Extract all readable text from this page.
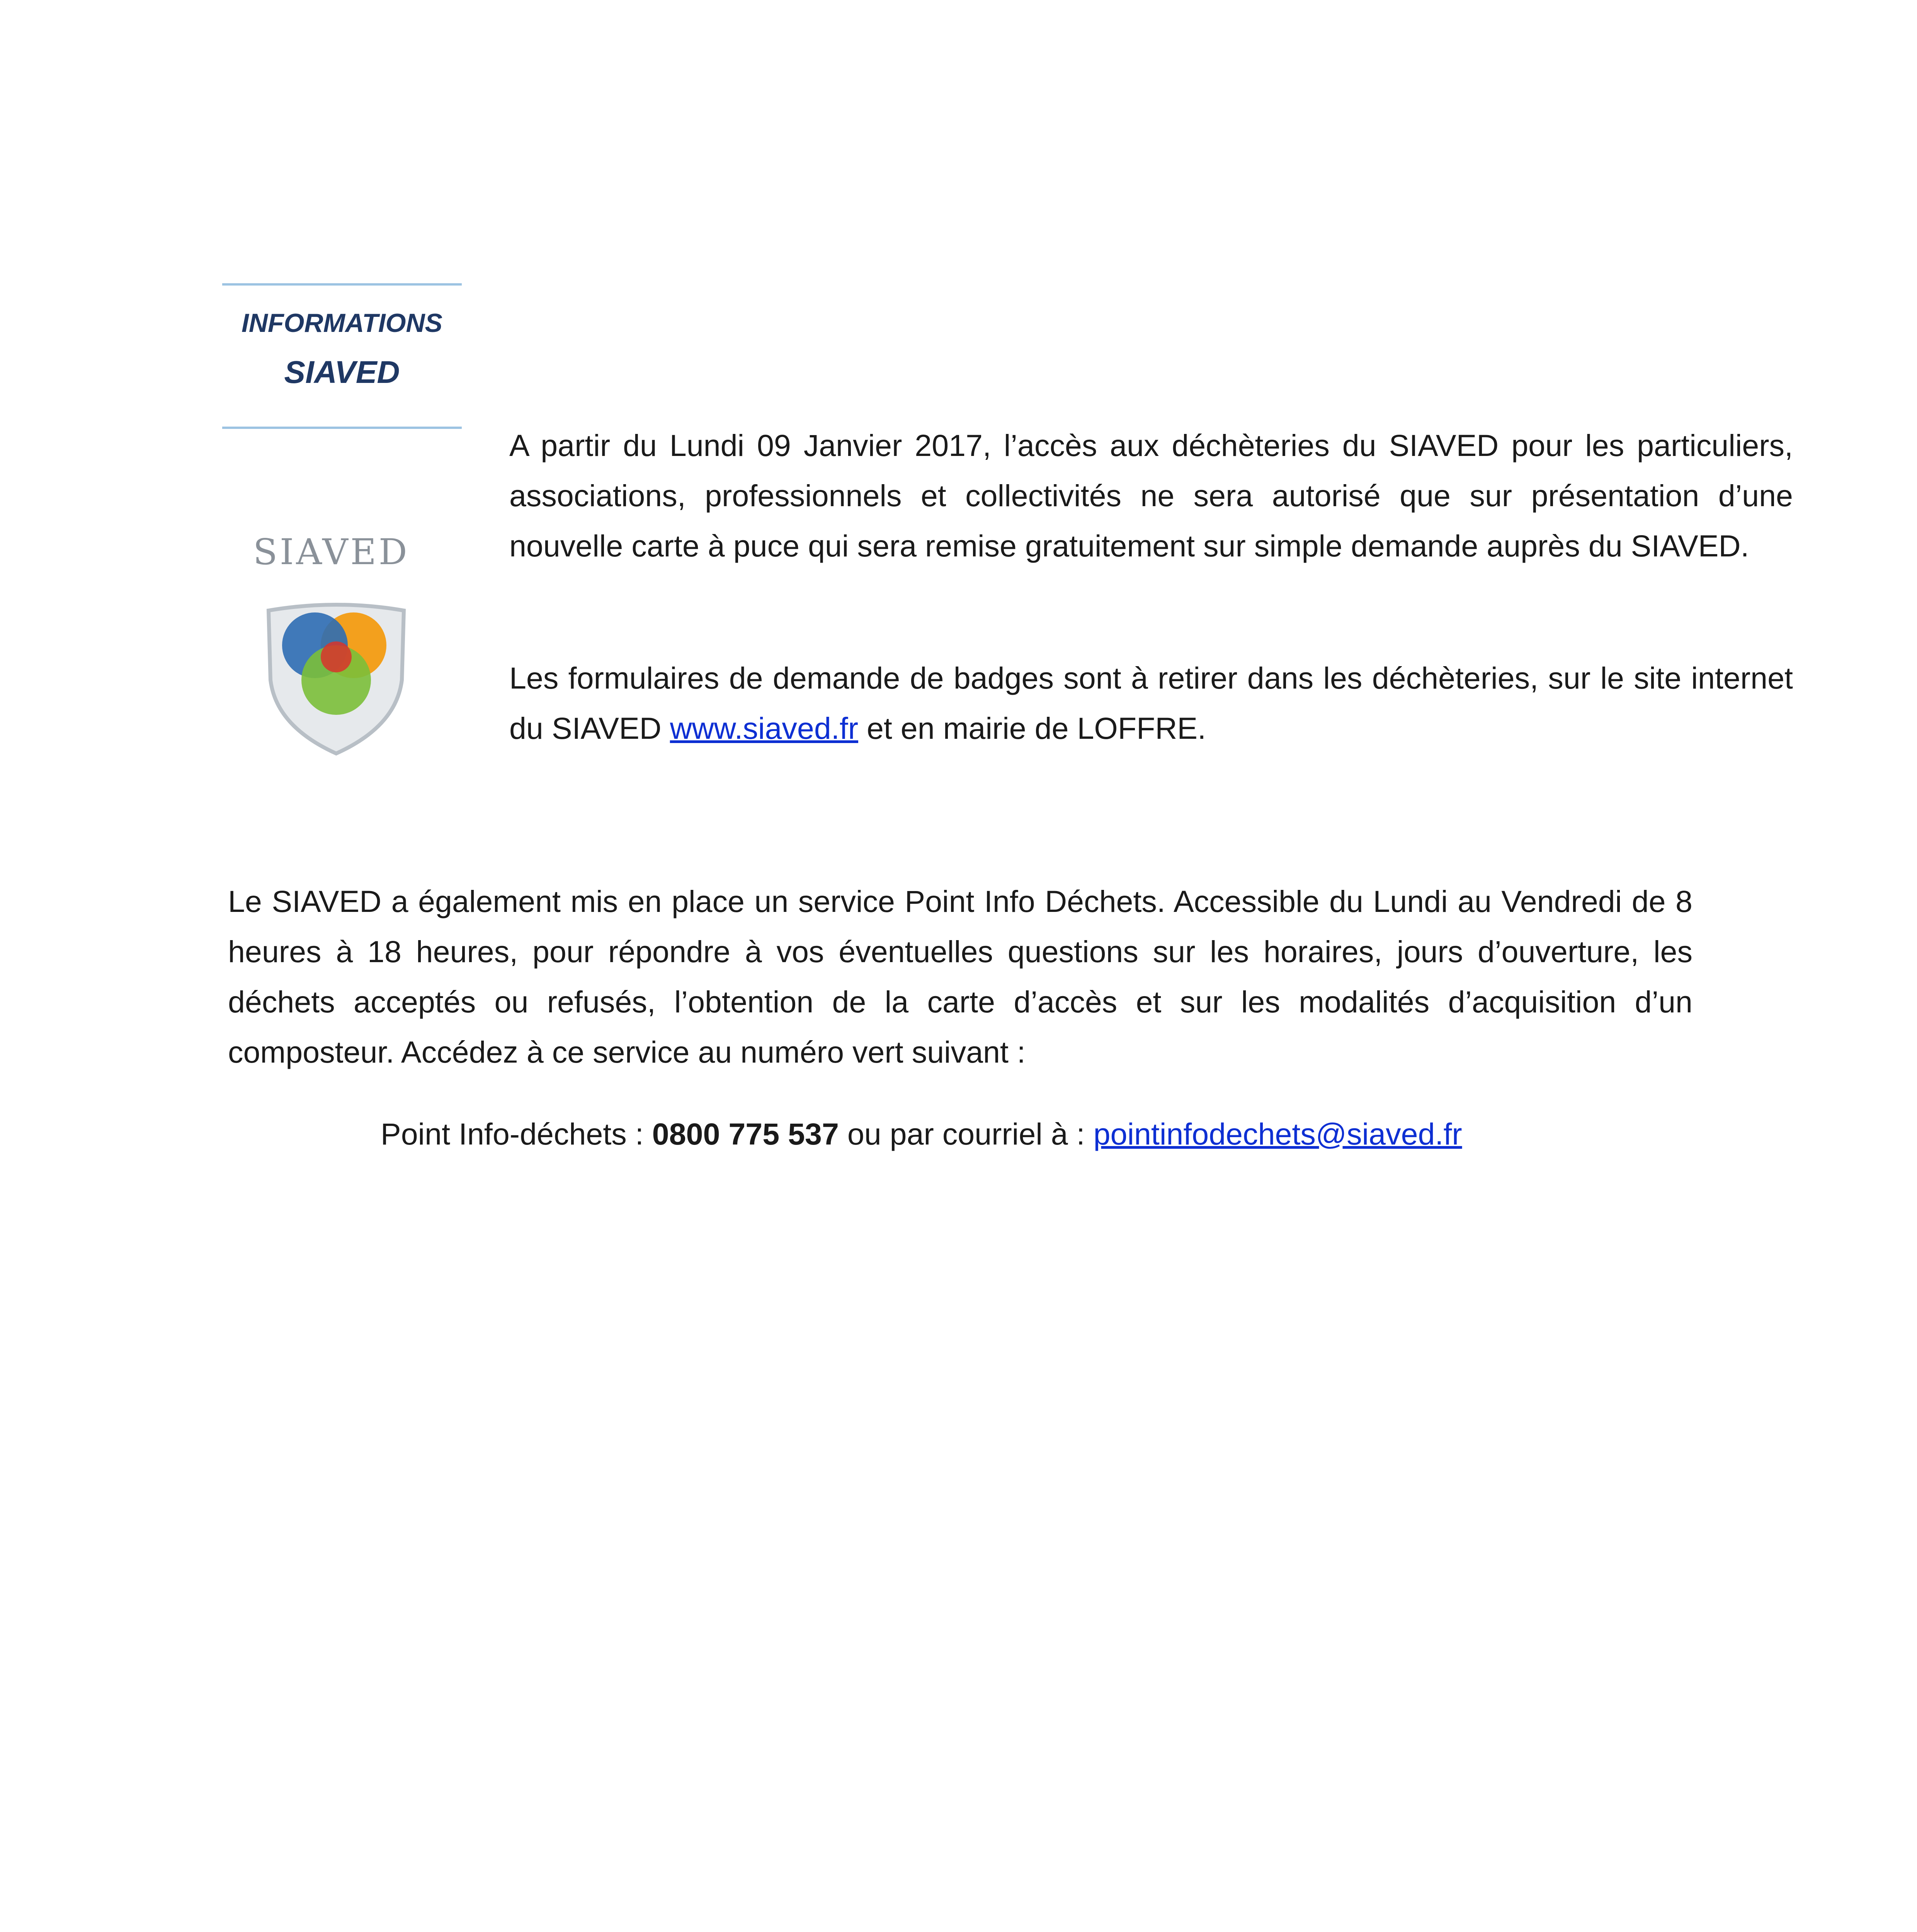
INFORMATIONS
SIAVED
SIAVED

A partir du Lundi 09 Janvier 2017, l’accès aux déchèteries du SIAVED pour les particuliers, associations, professionnels et collectivités ne sera autorisé que sur présentation d’une nouvelle carte à puce qui sera remise gratuitement sur simple demande auprès du SIAVED.

Les formulaires de demande de badges sont à retirer dans les déchèteries, sur le site internet du SIAVED www.siaved.fr et en mairie de LOFFRE.

Le SIAVED a également mis en place un service Point Info Déchets. Accessible du Lundi au Vendredi de 8 heures à 18 heures, pour répondre à vos éventuelles questions sur les horaires, jours d’ouverture, les déchets acceptés ou refusés, l’obtention de la carte d’accès et sur les modalités d’acquisition d’un composteur. Accédez à ce service au numéro vert suivant :

Point Info-déchets : 0800 775 537 ou par courriel à : pointinfodechets@siaved.fr
